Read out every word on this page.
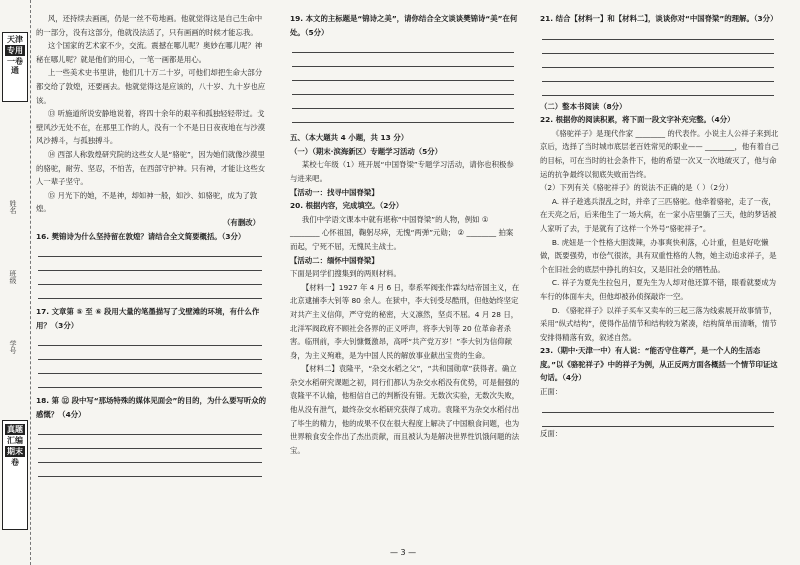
天津
专用
一卷
通
姓名
班级
学号
真题
汇编
期末
卷

风，还持续去画画，仍是一丝不苟地画。他就觉得这是自己生命中的一部分，没有这部分，他就没法活了，只有画画的时候才能忘我。

这个国家的艺术家不少，交流。震撼在哪儿呢？奥妙在哪儿呢？神秘在哪儿呢？就是他们的用心，一笔一画都是用心。

上一些美术史书里讲，他们几十万二十岁，可他们却把生命大部分都交给了敦煌，还要画去。他就觉得这是应该的，八十岁、九十岁也应该。

⑬ 听施道所说安静地说着，将四十余年的艰辛和孤独轻轻带过。戈壁风沙无处不在，在那里工作的人，没有一个不是日日夜夜地在与沙漠风沙搏斗，与孤独搏斗。

⑭ 西部人称敦煌研究院的这些女人是“骆驼”，因为她们就像沙漠里的骆驼，耐劳、坚忍，不怕苦，在西部守护神。只有神，才能让这些女人一辈子坚守。

⑮ 月光下的她，不是神，却如神一般，如沙、如骆驼，成为了敦煌。

（有删改）

16. 樊锦诗为什么坚持留在敦煌？请结合全文简要概括。（3分）

17. 文章第 ⑤ 至 ⑥ 段用大量的笔墨描写了戈壁滩的环境，有什么作用？（3分）

18. 第 ⑫ 段中写“那场特殊的媒体见面会”的目的，为什么要写听众的感慨？（4分）

19. 本文的主标题是“锦诗之美”，请你结合全文谈谈樊锦诗“美”在何处。（5分）

五、（本大题共 4 小题，共 13 分）

（一）（期末·滨海新区）专题学习活动（5分）

某校七年级（1）班开展“中国脊梁”专题学习活动，请你也积极参与进来吧。

【活动一：找寻中国脊梁】

20. 根据内容，完成填空。（2分）

我们中学语文课本中就有堪称“中国脊梁”的人物，例如 ① ________ 心怀祖国，鞠躬尽瘁，无愧“两弹”元勋； ② ________ 拍案而起，宁死不屈，无愧民主战士。

【活动二：缅怀中国脊梁】

下面是同学们搜集到的两则材料。

【材料一】1927 年 4 月 6 日，奉系军阀张作霖勾结帝国主义，在北京逮捕李大钊等 80 余人。在狱中，李大钊受尽酷刑，但他始终坚定对共产主义信仰，严守党的秘密，大义凛然，坚贞不屈。4 月 28 日，北洋军阀政府不顾社会各界的正义呼声，将李大钊等 20 位革命者杀害。临刑前，李大钊慷慨激昂，高呼“共产党万岁！”李大钊为信仰献身，为主义殉难，是为中国人民的解放事业献出宝贵的生命。

【材料二】袁隆平，“杂交水稻之父”，“共和国勋章”获得者。确立杂交水稻研究课题之初，同行们都认为杂交水稻没有优势，可是倔强的袁隆平不认输，他相信自己的判断没有错。无数次实验，无数次失败，他从没有泄气，最终杂交水稻研究获得了成功。袁隆平为杂交水稻付出了毕生的精力，他的成果不仅在很大程度上解决了中国粮食问题，也为世界粮食安全作出了杰出贡献，而且被认为是解决世界性饥饿问题的法宝。

21. 结合【材料一】和【材料二】，谈谈你对“中国脊梁”的理解。（3分）

（二）整本书阅读（8分）

22. 根据你的阅读积累，将下面一段文字补充完整。（4分）

《骆驼祥子》是现代作家 ________ 的代表作。小说主人公祥子来到北京后，选择了当时城市底层老百姓常见的职业—— ________，他有着自己的目标，可在当时的社会条件下，他的希望一次又一次地破灭了，他与命运的抗争最终以彻底失败而告终。

（2）下列有关《骆驼祥子》的说法不正确的是（ ）（2分）

A. 祥子趁逃兵混乱之时，并牵了三匹骆驼。他牵着骆驼，走了一夜，在天亮之后，后来他生了一场大病，在一家小店里躺了三天，他的梦话被人家听了去，于是就有了这样一个外号“骆驼祥子”。

B. 虎妞是一个性格大胆泼辣，办事爽快利落，心计重，但是好吃懒做，既要强势，市侩气很浓，具有双重性格的人物，她主动追求祥子，是个在旧社会的底层中挣扎的妇女，又是旧社会的牺牲品。

C. 祥子为夏先生拉包月，夏先生为人却对他还算不错，眼看就要成为车行的体面车夫，但他却被孙侦探敲诈一空。

D. 《骆驼祥子》以祥子买车又卖车的三起三落为线索展开故事情节，采用“纵式结构”，使得作品情节和结构较为紧凑，结构简单而清晰，情节安排得精落有致，叙述自然。

23.（期中·天津一中）有人说：“能否守住尊严，是一个人的生活态度。”以《骆驼祥子》中的祥子为例，从正反两方面各概括一个情节印证这句话。（4分）

正面：

反面：

— 3 —
